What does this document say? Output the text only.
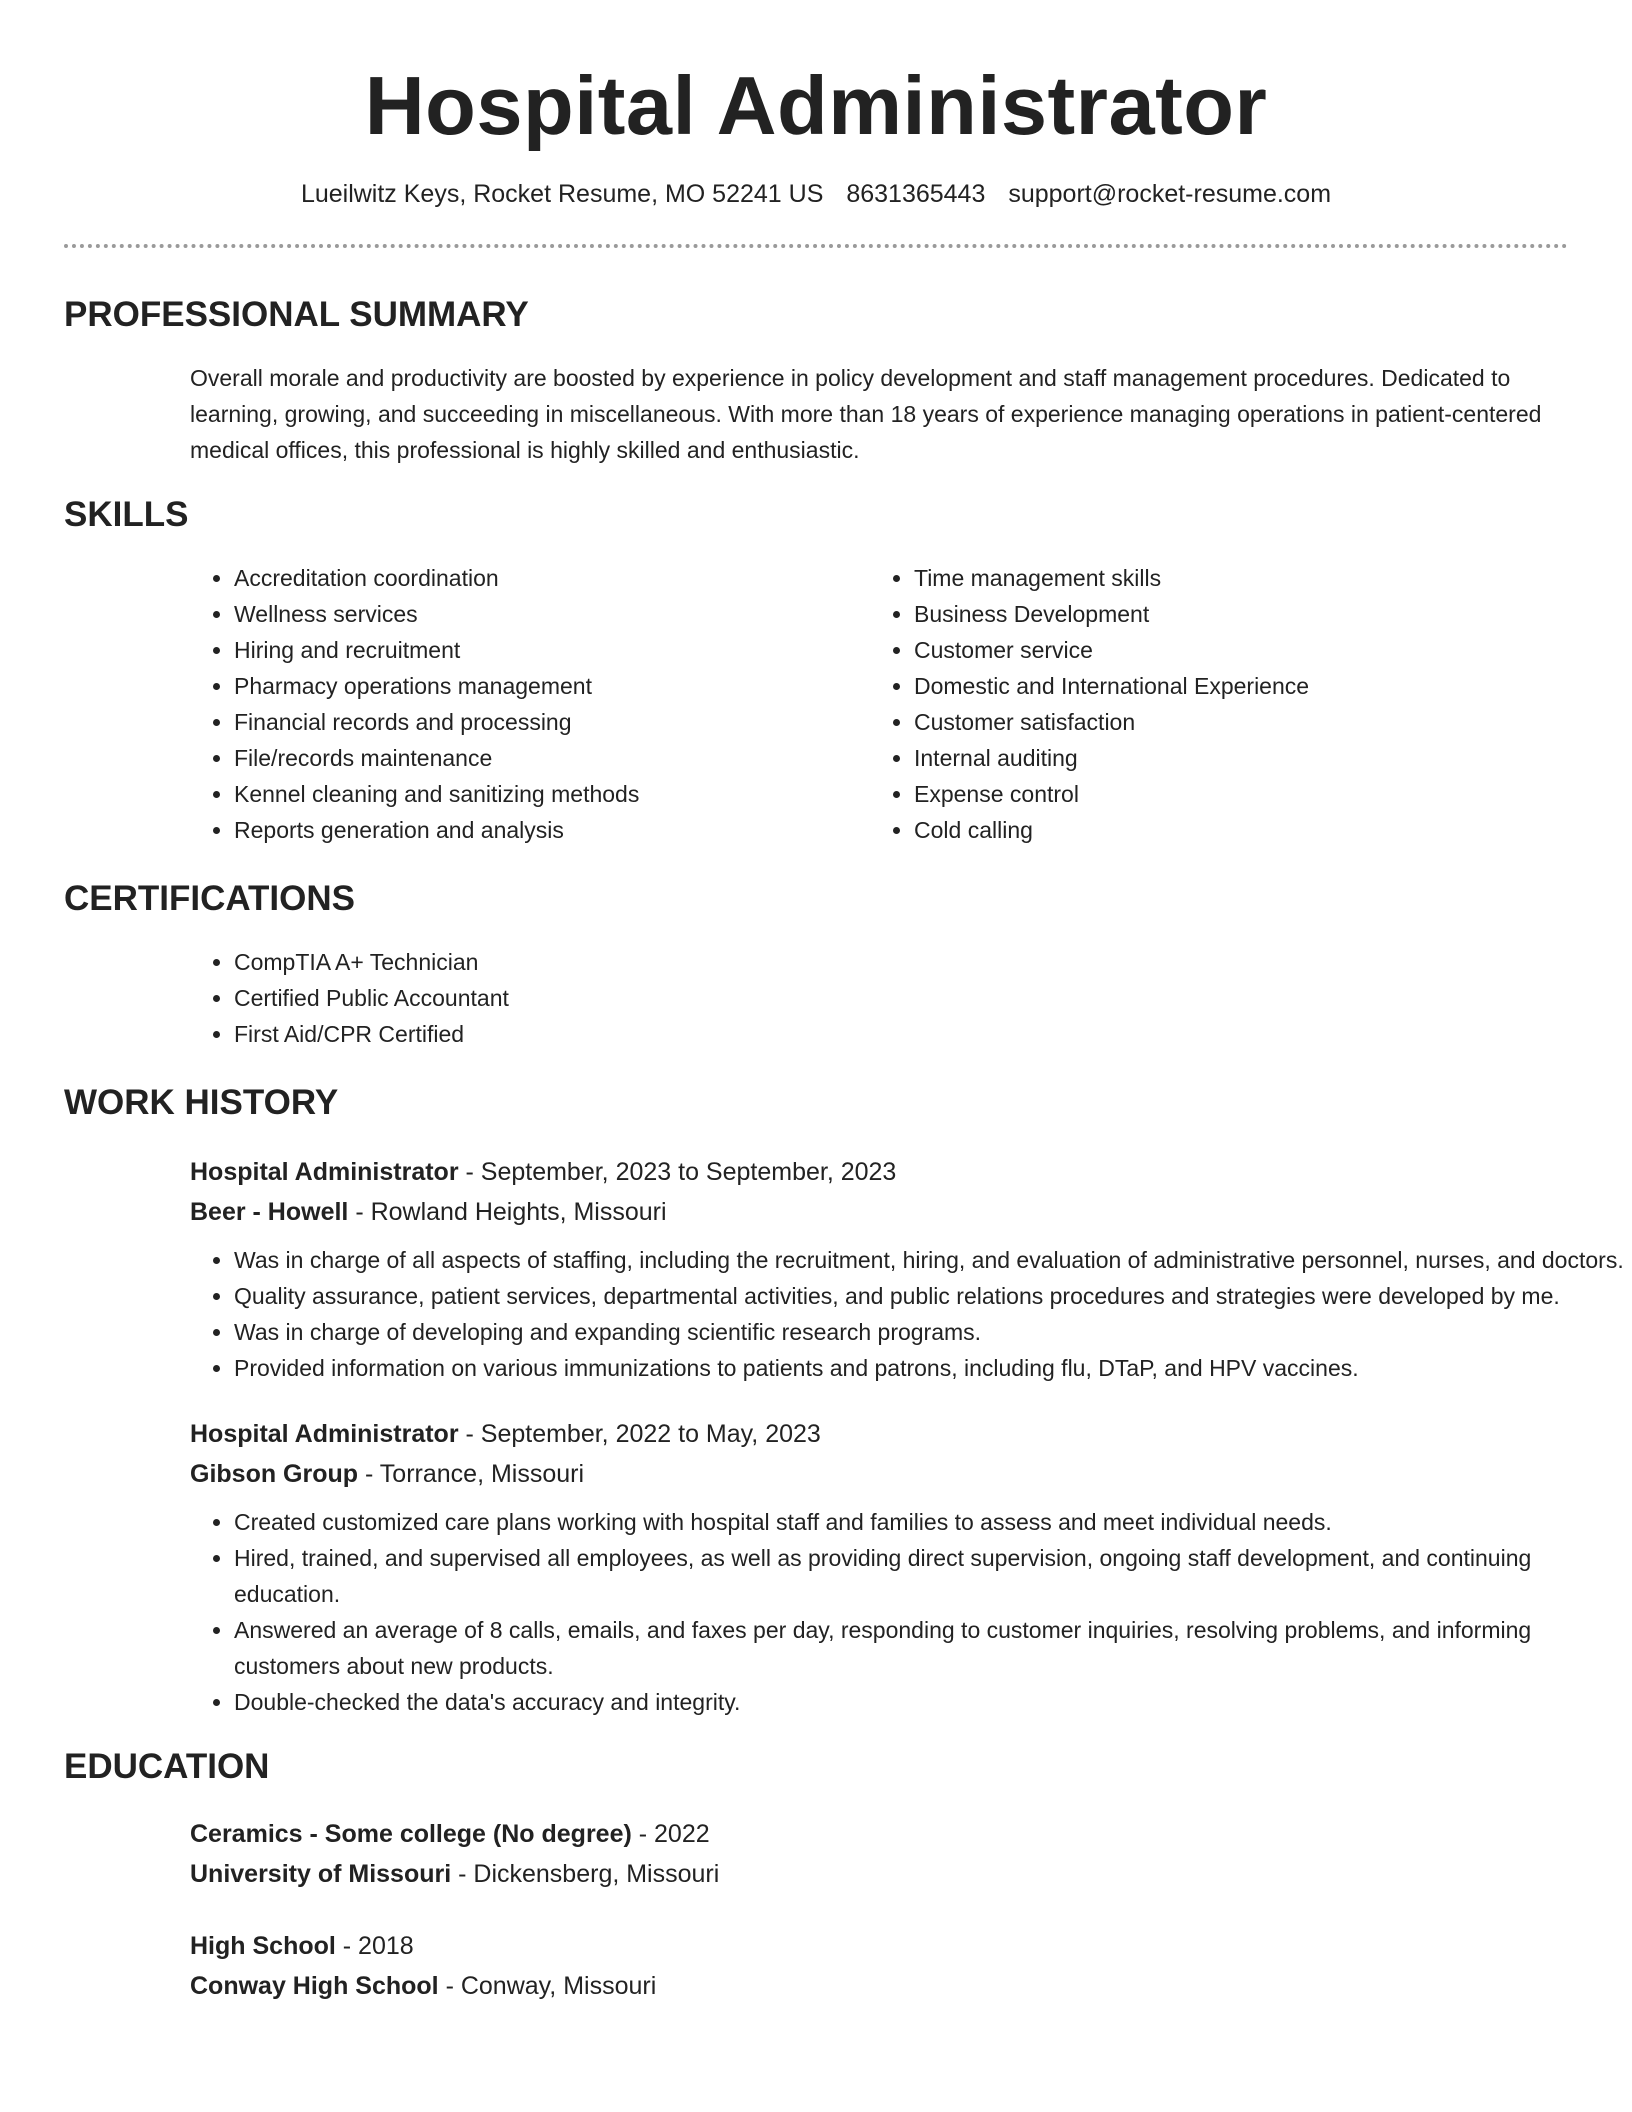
Hospital Administrator
Lueilwitz Keys, Rocket Resume, MO 52241 US 8631365443 support@rocket-resume.com
PROFESSIONAL SUMMARY

Overall morale and productivity are boosted by experience in policy development and staff management procedures. Dedicated to learning, growing, and succeeding in miscellaneous. With more than 18 years of experience managing operations in patient-centered medical offices, this professional is highly skilled and enthusiastic.

SKILLS
• Accreditation coordination
• Wellness services
• Hiring and recruitment
• Pharmacy operations management
• Financial records and processing
• File/records maintenance
• Kennel cleaning and sanitizing methods
• Reports generation and analysis
• Time management skills
• Business Development
• Customer service
• Domestic and International Experience
• Customer satisfaction
• Internal auditing
• Expense control
• Cold calling
CERTIFICATIONS
• CompTIA A+ Technician
• Certified Public Accountant
• First Aid/CPR Certified
WORK HISTORY
Hospital Administrator - September, 2023 to September, 2023
Beer - Howell - Rowland Heights, Missouri
• Was in charge of all aspects of staffing, including the recruitment, hiring, and evaluation of administrative personnel, nurses, and doctors.
• Quality assurance, patient services, departmental activities, and public relations procedures and strategies were developed by me.
• Was in charge of developing and expanding scientific research programs.
• Provided information on various immunizations to patients and patrons, including flu, DTaP, and HPV vaccines.
Hospital Administrator - September, 2022 to May, 2023
Gibson Group - Torrance, Missouri
• Created customized care plans working with hospital staff and families to assess and meet individual needs.
• Hired, trained, and supervised all employees, as well as providing direct supervision, ongoing staff development, and continuing education.
• Answered an average of 8 calls, emails, and faxes per day, responding to customer inquiries, resolving problems, and informing customers about new products.
• Double-checked the data's accuracy and integrity.
EDUCATION
Ceramics - Some college (No degree) - 2022
University of Missouri - Dickensberg, Missouri
High School - 2018
Conway High School - Conway, Missouri
